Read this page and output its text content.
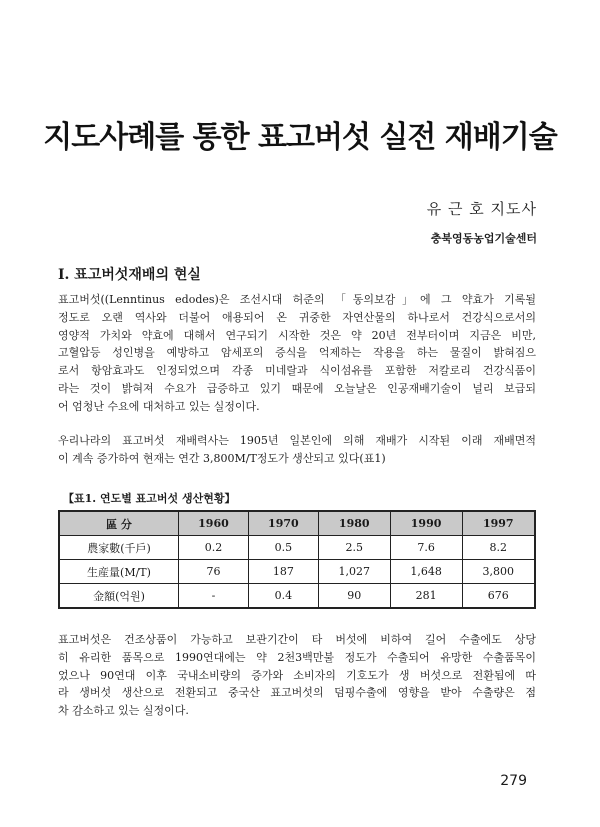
지도사례를 통한 표고버섯 실전 재배기술
유 근 호 지도사
충북영동농업기술센터
Ⅰ. 표고버섯재배의 현실
표고버섯((Lenntinus edodes)은 조선시대 허준의 「동의보감」에 그 약효가 기록될
정도로 오랜 역사와 더불어 애용되어 온 귀중한 자연산물의 하나로서 건강식으로서의
영양적 가치와 약효에 대해서 연구되기 시작한 것은 약 20년 전부터이며 지금은 비만,
고혈압등 성인병을 예방하고 암세포의 증식을 억제하는 작용을 하는 물질이 밝혀짐으
로서 항암효과도 인정되었으며 각종 미네랄과 식이섬유를 포함한 저칼로리 건강식품이
라는 것이 밝혀져 수요가 급증하고 있기 때문에 오늘날은 인공재배기술이 널리 보급되
어 엄청난 수요에 대처하고 있는 실정이다.
우리나라의 표고버섯 재배력사는 1905년 일본인에 의해 재배가 시작된 이래 재배면적
이 계속 증가하여 현재는 연간 3,800M/T정도가 생산되고 있다(표1)
【표1. 연도별 표고버섯 생산현황】
區 分	1960	1970	1980	1990	1997
農家數(千戶)	0.2	0.5	2.5	7.6	8.2
生産量(M/T)	76	187	1,027	1,648	3,800
金額(억원)	-	0.4	90	281	676
표고버섯은 건조상품이 가능하고 보관기간이 타 버섯에 비하여 길어 수출에도 상당
히 유리한 품목으로 1990연대에는 약 2천3백만불 정도가 수출되어 유망한 수출품목이
었으나 90연대 이후 국내소비량의 증가와 소비자의 기호도가 생 버섯으로 전환됨에 따
라 생버섯 생산으로 전환되고 중국산 표고버섯의 덤핑수출에 영향을 받아 수출량은 점
차 감소하고 있는 실정이다.
279
